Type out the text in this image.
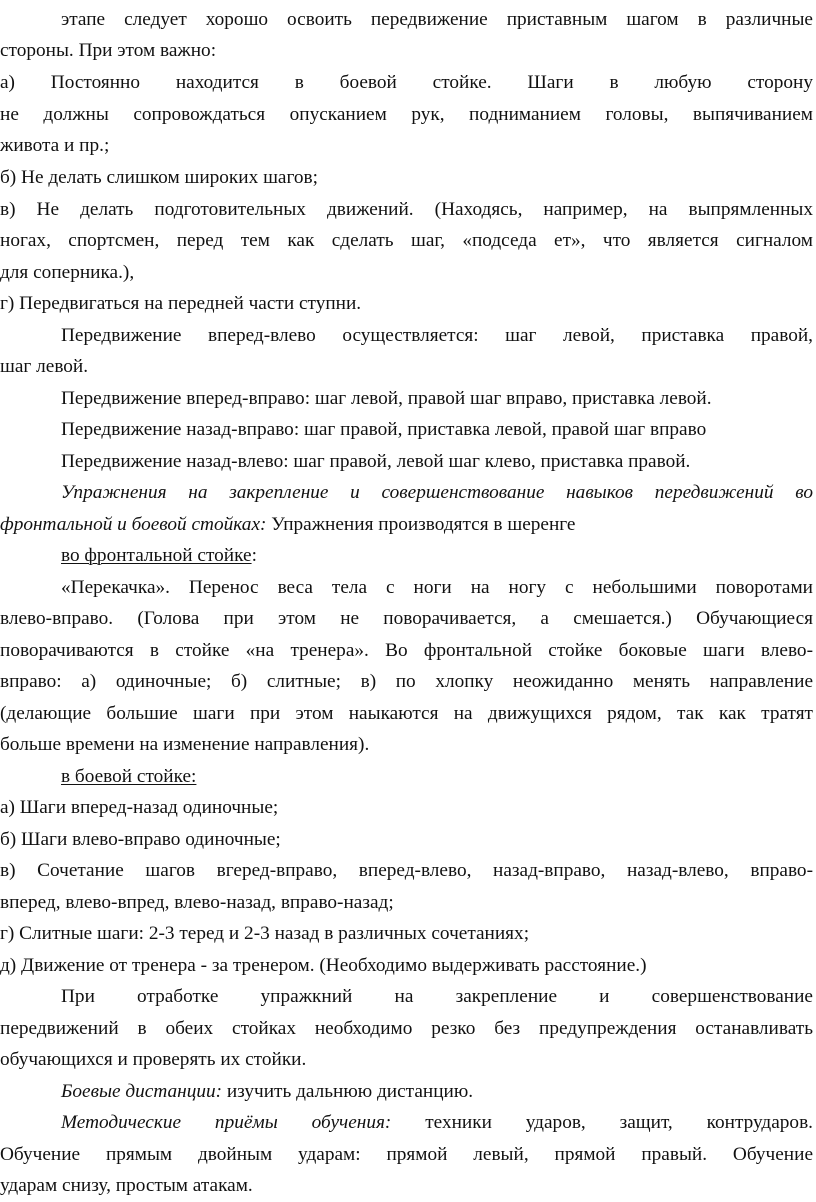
этапе следует хорошо освоить передвижение приставным шагом в различные
стороны. При этом важно:
а) Постоянно находится в боевой стойке. Шаги в любую сторону
не должны сопровождаться опусканием рук, подниманием головы, выпячиванием
живота и пр.;
б) Не делать слишком широких шагов;
в) Не делать подготовительных движений. (Находясь, например, на выпрямленных
ногах, спортсмен, перед тем как сделать шаг, «подседа ет», что является сигналом
для соперника.),
г) Передвигаться на передней части ступни.
Передвижение вперед-влево осуществляется: шаг левой, приставка правой,
шаг левой.
Передвижение вперед-вправо: шаг левой, правой шаг вправо, приставка левой.
Передвижение назад-вправо: шаг правой, приставка левой, правой шаг вправо
Передвижение назад-влево: шаг правой, левой шаг клево, приставка правой.
Упражнения на закрепление и совершенствование навыков передвижений во
фронтальной и боевой стойках: Упражнения производятся в шеренге
во фронтальной стойке:
«Перекачка». Перенос веса тела с ноги на ногу с небольшими поворотами
влево-вправо. (Голова при этом не поворачивается, а смешается.) Обучающиеся
поворачиваются в стойке «на тренера». Во фронтальной стойке боковые шаги влево-
вправо: а) одиночные; б) слитные; в) по хлопку неожиданно менять направление
(делающие большие шаги при этом наыкаются на движущихся рядом, так как тратят
больше времени на изменение направления).
в боевой стойке:
а) Шаги вперед-назад одиночные;
б) Шаги влево-вправо одиночные;
в) Сочетание шагов вгеред-вправо, вперед-влево, назад-вправо, назад-влево, вправо-
вперед, влево-впред, влево-назад, вправо-назад;
г) Слитные шаги: 2-3 теред и 2-3 назад в различных сочетаниях;
д) Движение от тренера - за тренером. (Необходимо выдерживать расстояние.)
При отработке упражкний на закрепление и совершенствование
передвижений в обеих стойках необходимо резко без предупреждения останавливать
обучающихся и проверять их стойки.
Боевые дистанции: изучить дальнюю дистанцию.
Методические приёмы обучения: техники ударов, защит, контрударов.
Обучение прямым двойным ударам: прямой левый, прямой правый. Обучение
ударам снизу, простым атакам.
